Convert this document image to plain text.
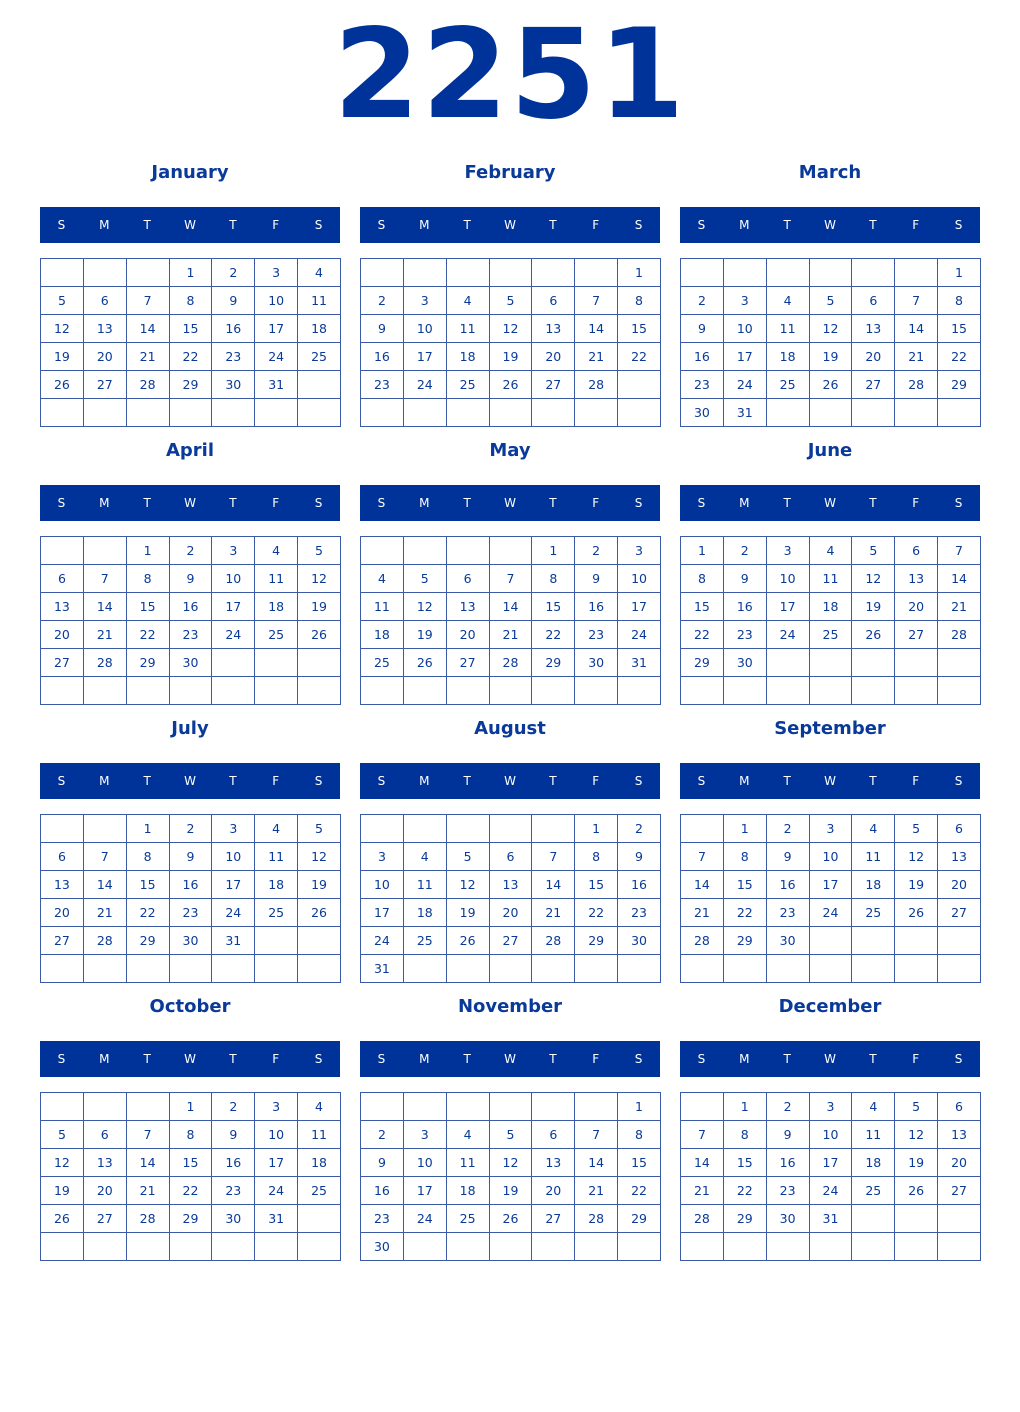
2251
January
S	M	T	W	T	F	S
			1	2	3	4
5	6	7	8	9	10	11
12	13	14	15	16	17	18
19	20	21	22	23	24	25
26	27	28	29	30	31	

February
S	M	T	W	T	F	S
						1
2	3	4	5	6	7	8
9	10	11	12	13	14	15
16	17	18	19	20	21	22
23	24	25	26	27	28	

March
S	M	T	W	T	F	S
						1
2	3	4	5	6	7	8
9	10	11	12	13	14	15
16	17	18	19	20	21	22
23	24	25	26	27	28	29
30	31					
April
S	M	T	W	T	F	S
		1	2	3	4	5
6	7	8	9	10	11	12
13	14	15	16	17	18	19
20	21	22	23	24	25	26
27	28	29	30			

May
S	M	T	W	T	F	S
				1	2	3
4	5	6	7	8	9	10
11	12	13	14	15	16	17
18	19	20	21	22	23	24
25	26	27	28	29	30	31

June
S	M	T	W	T	F	S
1	2	3	4	5	6	7
8	9	10	11	12	13	14
15	16	17	18	19	20	21
22	23	24	25	26	27	28
29	30					

July
S	M	T	W	T	F	S
		1	2	3	4	5
6	7	8	9	10	11	12
13	14	15	16	17	18	19
20	21	22	23	24	25	26
27	28	29	30	31		

August
S	M	T	W	T	F	S
					1	2
3	4	5	6	7	8	9
10	11	12	13	14	15	16
17	18	19	20	21	22	23
24	25	26	27	28	29	30
31						
September
S	M	T	W	T	F	S
	1	2	3	4	5	6
7	8	9	10	11	12	13
14	15	16	17	18	19	20
21	22	23	24	25	26	27
28	29	30				

October
S	M	T	W	T	F	S
			1	2	3	4
5	6	7	8	9	10	11
12	13	14	15	16	17	18
19	20	21	22	23	24	25
26	27	28	29	30	31	

November
S	M	T	W	T	F	S
						1
2	3	4	5	6	7	8
9	10	11	12	13	14	15
16	17	18	19	20	21	22
23	24	25	26	27	28	29
30						
December
S	M	T	W	T	F	S
	1	2	3	4	5	6
7	8	9	10	11	12	13
14	15	16	17	18	19	20
21	22	23	24	25	26	27
28	29	30	31			
